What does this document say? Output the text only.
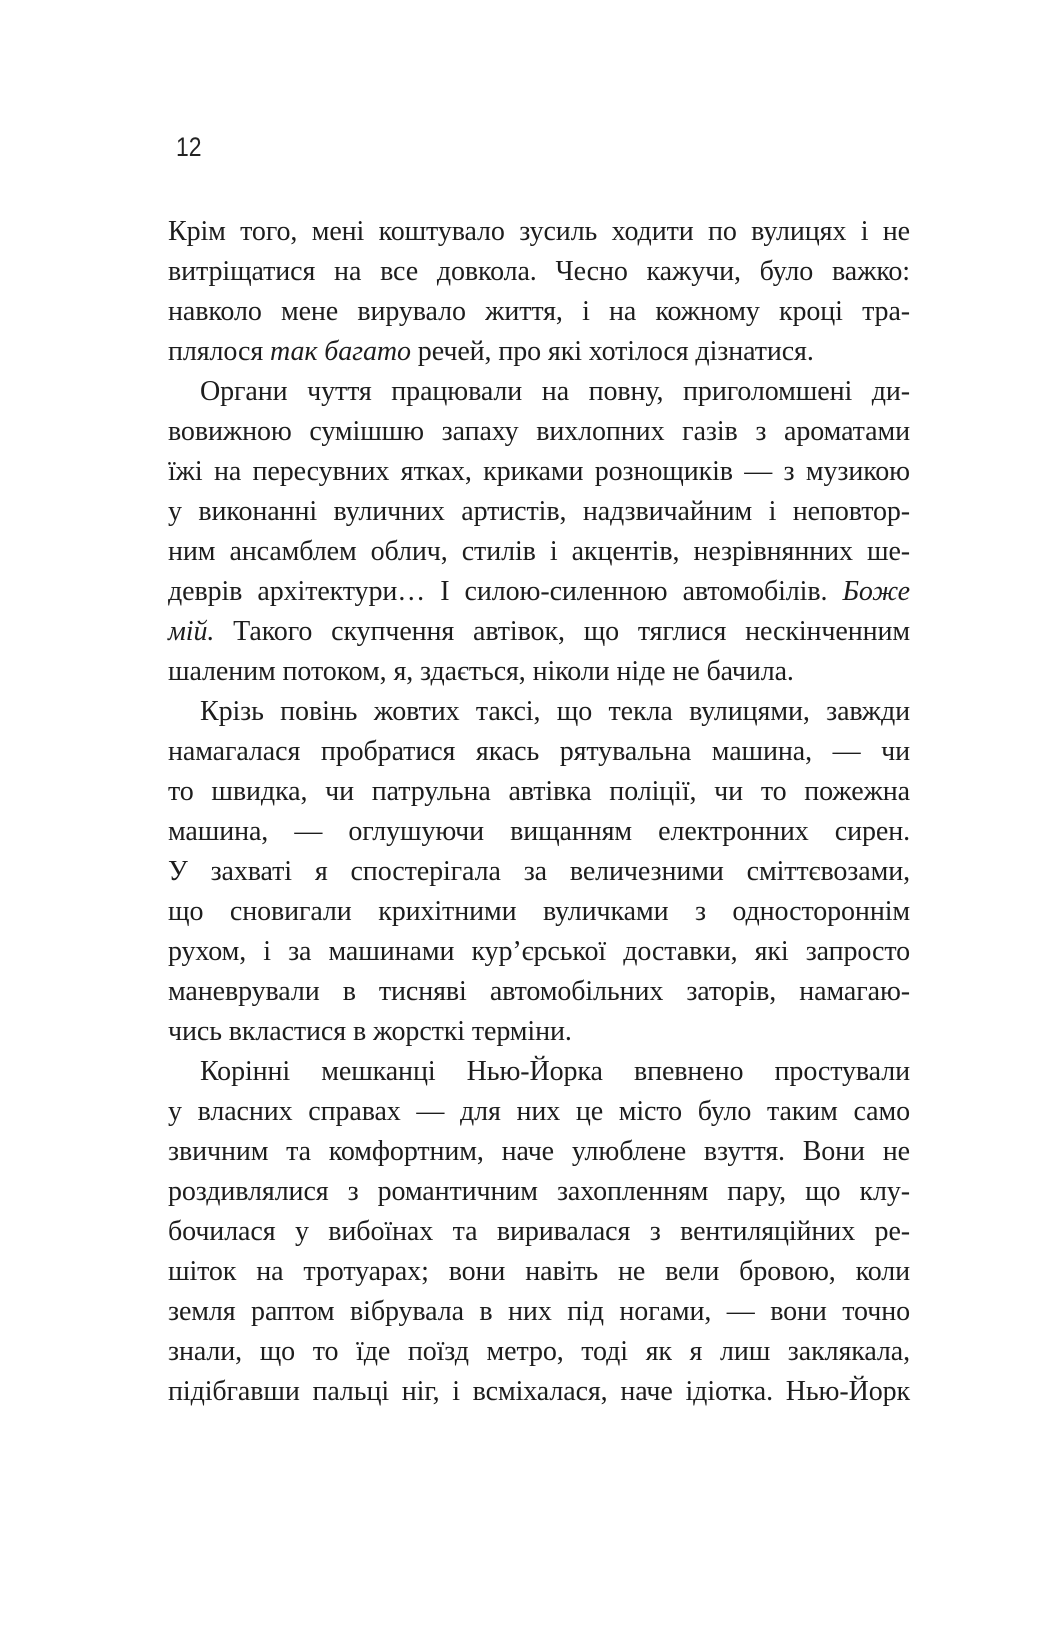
12
Крім того, мені коштувало зусиль ходити по вулицях і не
витріщатися на все довкола. Чесно кажучи, було важко:
навколо мене вирувало життя, і на кожному кроці тра-
плялося так багато речей, про які хотілося дізнатися.
Органи чуття працювали на повну, приголомшені ди-
вовижною сумішшю запаху вихлопних газів з ароматами
їжі на пересувних ятках, криками рознощиків — з музикою
у виконанні вуличних артистів, надзвичайним і неповтор-
ним ансамблем облич, стилів і акцентів, незрівнянних ше-
деврів архітектури… І силою-силенною автомобілів. Боже
мій. Такого скупчення автівок, що тяглися нескінченним
шаленим потоком, я, здається, ніколи ніде не бачила.
Крізь повінь жовтих таксі, що текла вулицями, завжди
намагалася пробратися якась рятувальна машина, — чи
то швидка, чи патрульна автівка поліції, чи то пожежна
машина, — оглушуючи вищанням електронних сирен.
У захваті я спостерігала за величезними сміттєвозами,
що сновигали крихітними вуличками з одностороннім
рухом, і за машинами кур’єрської доставки, які запросто
маневрували в тисняві автомобільних заторів, намагаю-
чись вкластися в жорсткі терміни.
Корінні мешканці Нью-Йорка впевнено простували
у власних справах — для них це місто було таким само
звичним та комфортним, наче улюблене взуття. Вони не
роздивлялися з романтичним захопленням пару, що клу-
бочилася у вибоїнах та виривалася з вентиляційних ре-
шіток на тротуарах; вони навіть не вели бровою, коли
земля раптом вібрувала в них під ногами, — вони точно
знали, що то їде поїзд метро, тоді як я лиш заклякала,
підібгавши пальці ніг, і всміхалася, наче ідіотка. Нью-Йорк
